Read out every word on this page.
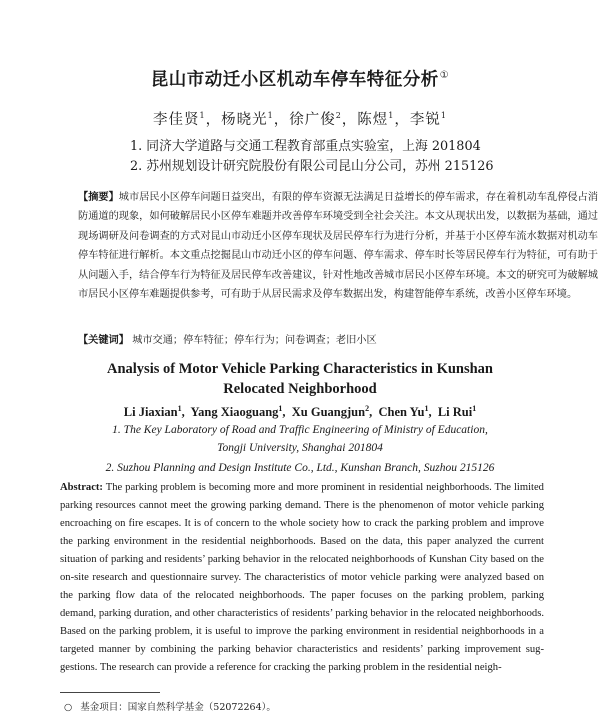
昆山市动迁小区机动车停车特征分析①
李佳贤$^1$，杨晓光$^1$，徐广俊$^2$，陈煜$^1$，李锐$^1$
1. 同济大学道路与交通工程教育部重点实验室，上海 201804
2. 苏州规划设计研究院股份有限公司昆山分公司，苏州 215126
【摘要】城市居民小区停车问题日益突出，有限的停车资源无法满足日益增长的停车需求，存在着机动车乱停侵占消防通道的现象，如何破解居民小区停车难题并改善停车环境受到全社会关注。本文从现状出发，以数据为基础，通过现场调研及问卷调查的方式对昆山市动迁小区停车现状及居民停车行为进行分析，并基于小区停车流水数据对机动车停车特征进行解析。本文重点挖掘昆山市动迁小区的停车问题、停车需求、停车时长等居民停车行为特征，可有助于从问题入手，结合停车行为特征及居民停车改善建议，针对性地改善城市居民小区停车环境。本文的研究可为破解城市居民小区停车难题提供参考，可有助于从居民需求及停车数据出发，构建智能停车系统，改善小区停车环境。
【关键词】 城市交通；停车特征；停车行为；问卷调查；老旧小区
Analysis of Motor Vehicle Parking Characteristics in Kunshan
Relocated Neighborhood
Li Jiaxian$^1$,  Yang Xiaoguang$^1$,  Xu Guangjun$^2$,  Chen Yu$^1$,  Li Rui$^1$
1. The Key Laboratory of Road and Traffic Engineering of Ministry of Education,
Tongji University, Shanghai 201804
2. Suzhou Planning and Design Institute Co., Ltd., Kunshan Branch, Suzhou 215126
Abstract: The parking problem is becoming more and more prominent in residential neighborhoods. The limited parking resources cannot meet the growing parking demand. There is the phenomenon of motor vehicle parking encroaching on fire escapes. It is of concern to the whole society how to crack the parking problem and improve the parking environment in the residential neighborhoods. Based on the data, this paper analyzed the current situation of parking and residents’ parking behavior in the relocated neighborhoods of Kunshan City based on the on-site research and questionnaire survey. The characteristics of motor vehicle parking were analyzed based on the parking flow data of the relocated neighborhoods. The paper focuses on the parking problem, parking demand, parking duration, and other characteristics of residents’ parking behavior in the relocated neighborhoods. Based on the parking problem, it is useful to improve the parking environment in residential neighborhoods in a targeted manner by combining the parking behavior characteristics and residents’ parking improvement suggestions. The research can provide a reference for cracking the parking problem in the residential neigh-
○ 基金项目：国家自然科学基金（52072264）。
